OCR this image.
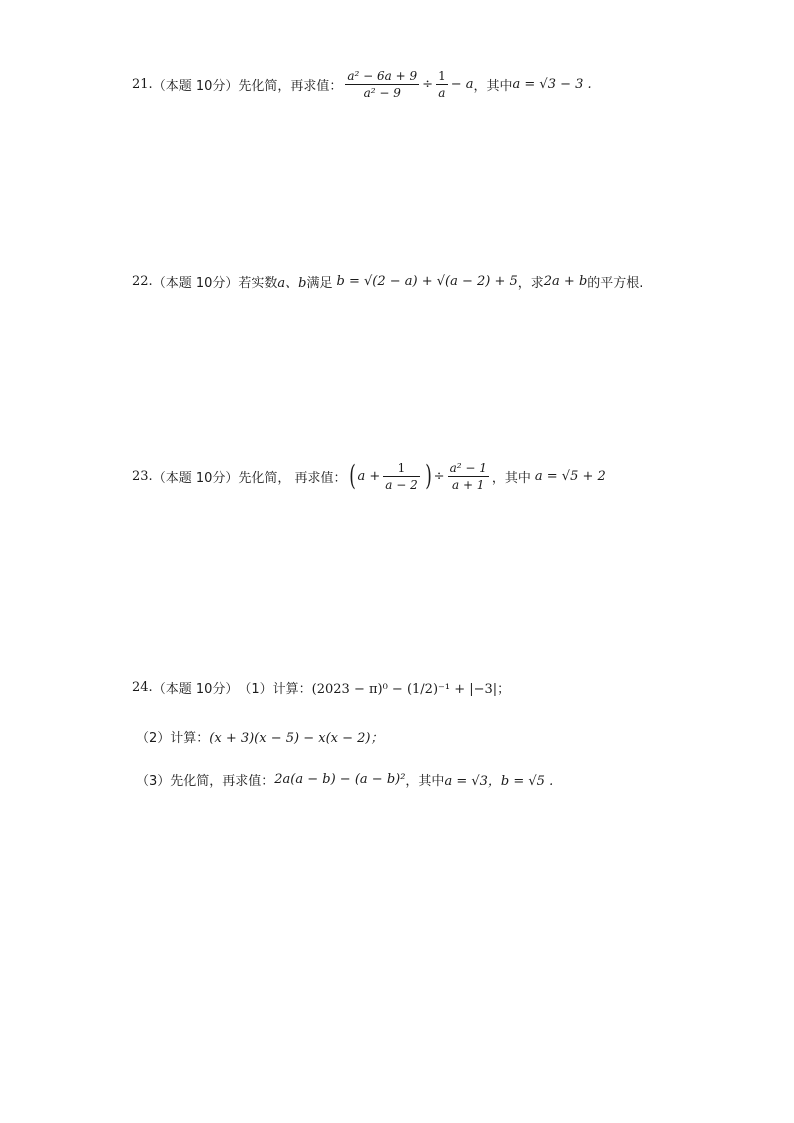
21 . （本题 10分） 先化简，再求值： $\frac{\text{a² − 6a + 9}}{\text{a² − 9}} \div \frac{1}{a} - a$ ，其中 a = √3 − 3 .
22 . （本题 10分） 若实数 a、b 满足 b = √(2 − a) + √(a − 2) + 5 ，求 2a + b 的平方根.
23 . （本题 10分） 先化简， 再求值： ( $a + \frac{1}{a - 2}$ ) ÷ $\frac{\text{a² − 1}}{a + 1}$ ，其中 a = √5 + 2
24 . （本题 10分） （1）计算： (2023 − π)⁰ − (1/2)⁻¹ + |−3|；
（2）计算： (x + 3)(x − 5) − x(x − 2)；
（3）先化简，再求值： 2a(a − b) − (a − b)² ，其中 a = √3，b = √5 .
